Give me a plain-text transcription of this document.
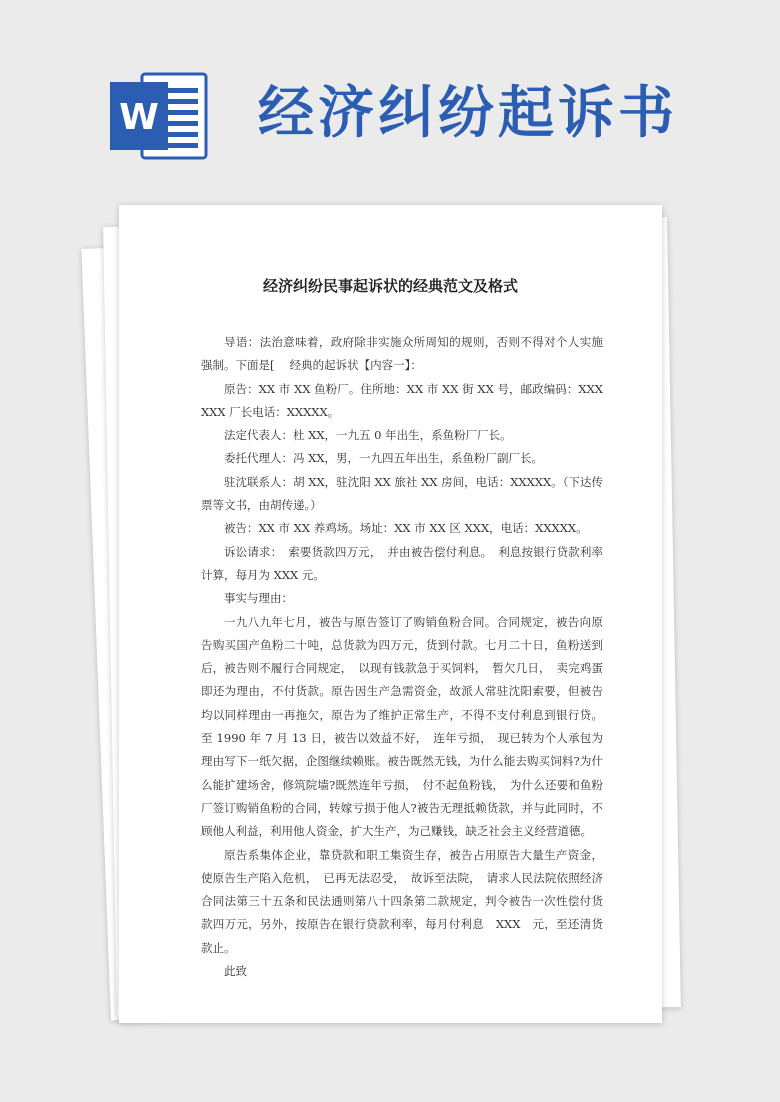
W 经济纠纷起诉书
经济纠纷民事起诉状的经典范文及格式

导语：法治意味着，政府除非实施众所周知的规则，否则不得对个人实施强制。下面是[　 经典的起诉状【内容一】：

原告：XX 市 XX 鱼粉厂。住所地：XX 市 XX 街 XX 号，邮政编码：XXXXXX 厂长电话：XXXXX。

法定代表人：杜 XX，一九五 0 年出生，系鱼粉厂厂长。

委托代理人：冯 XX，男，一九四五年出生，系鱼粉厂副厂长。

驻沈联系人：胡 XX，驻沈阳 XX 旅社 XX 房间，电话：XXXXX。（下达传票等文书，由胡传递。）

被告：XX 市 XX 养鸡场。场址：XX 市 XX 区 XXX，电话：XXXXX。

诉讼请求：　索要货款四万元，　并由被告偿付利息。　利息按银行贷款利率计算，每月为 XXX 元。

事实与理由：

一九八九年七月，被告与原告签订了购销鱼粉合同。合同规定，被告向原告购买国产鱼粉二十吨，总货款为四万元，货到付款。七月二十日，鱼粉送到后，被告则不履行合同规定，　以现有钱款急于买饲料，　暂欠几日，　卖完鸡蛋即还为理由，不付货款。原告因生产急需资金，故派人常驻沈阳索要，但被告均以同样理由一再拖欠，原告为了维护正常生产，不得不支付利息到银行贷。至 1990 年 7 月 13 日，被告以效益不好，　连年亏损，　现已转为个人承包为理由写下一纸欠据，企图继续赖账。被告既然无钱，为什么能去购买饲料?为什么能扩建场舍，修筑院墙?既然连年亏损，　付不起鱼粉钱，　为什么还要和鱼粉厂签订购销鱼粉的合同，转嫁亏损于他人?被告无理抵赖货款，并与此同时，不顾他人利益，利用他人资金，扩大生产，为己赚钱，缺乏社会主义经营道德。

原告系集体企业，靠贷款和职工集资生存，被告占用原告大量生产资金，使原告生产陷入危机，　已再无法忍受，　故诉至法院，　请求人民法院依照经济合同法第三十五条和民法通则第八十四条第二款规定，判令被告一次性偿付货款四万元，另外，按原告在银行贷款利率，每月付利息　XXX　元，至还清货款止。

此致
